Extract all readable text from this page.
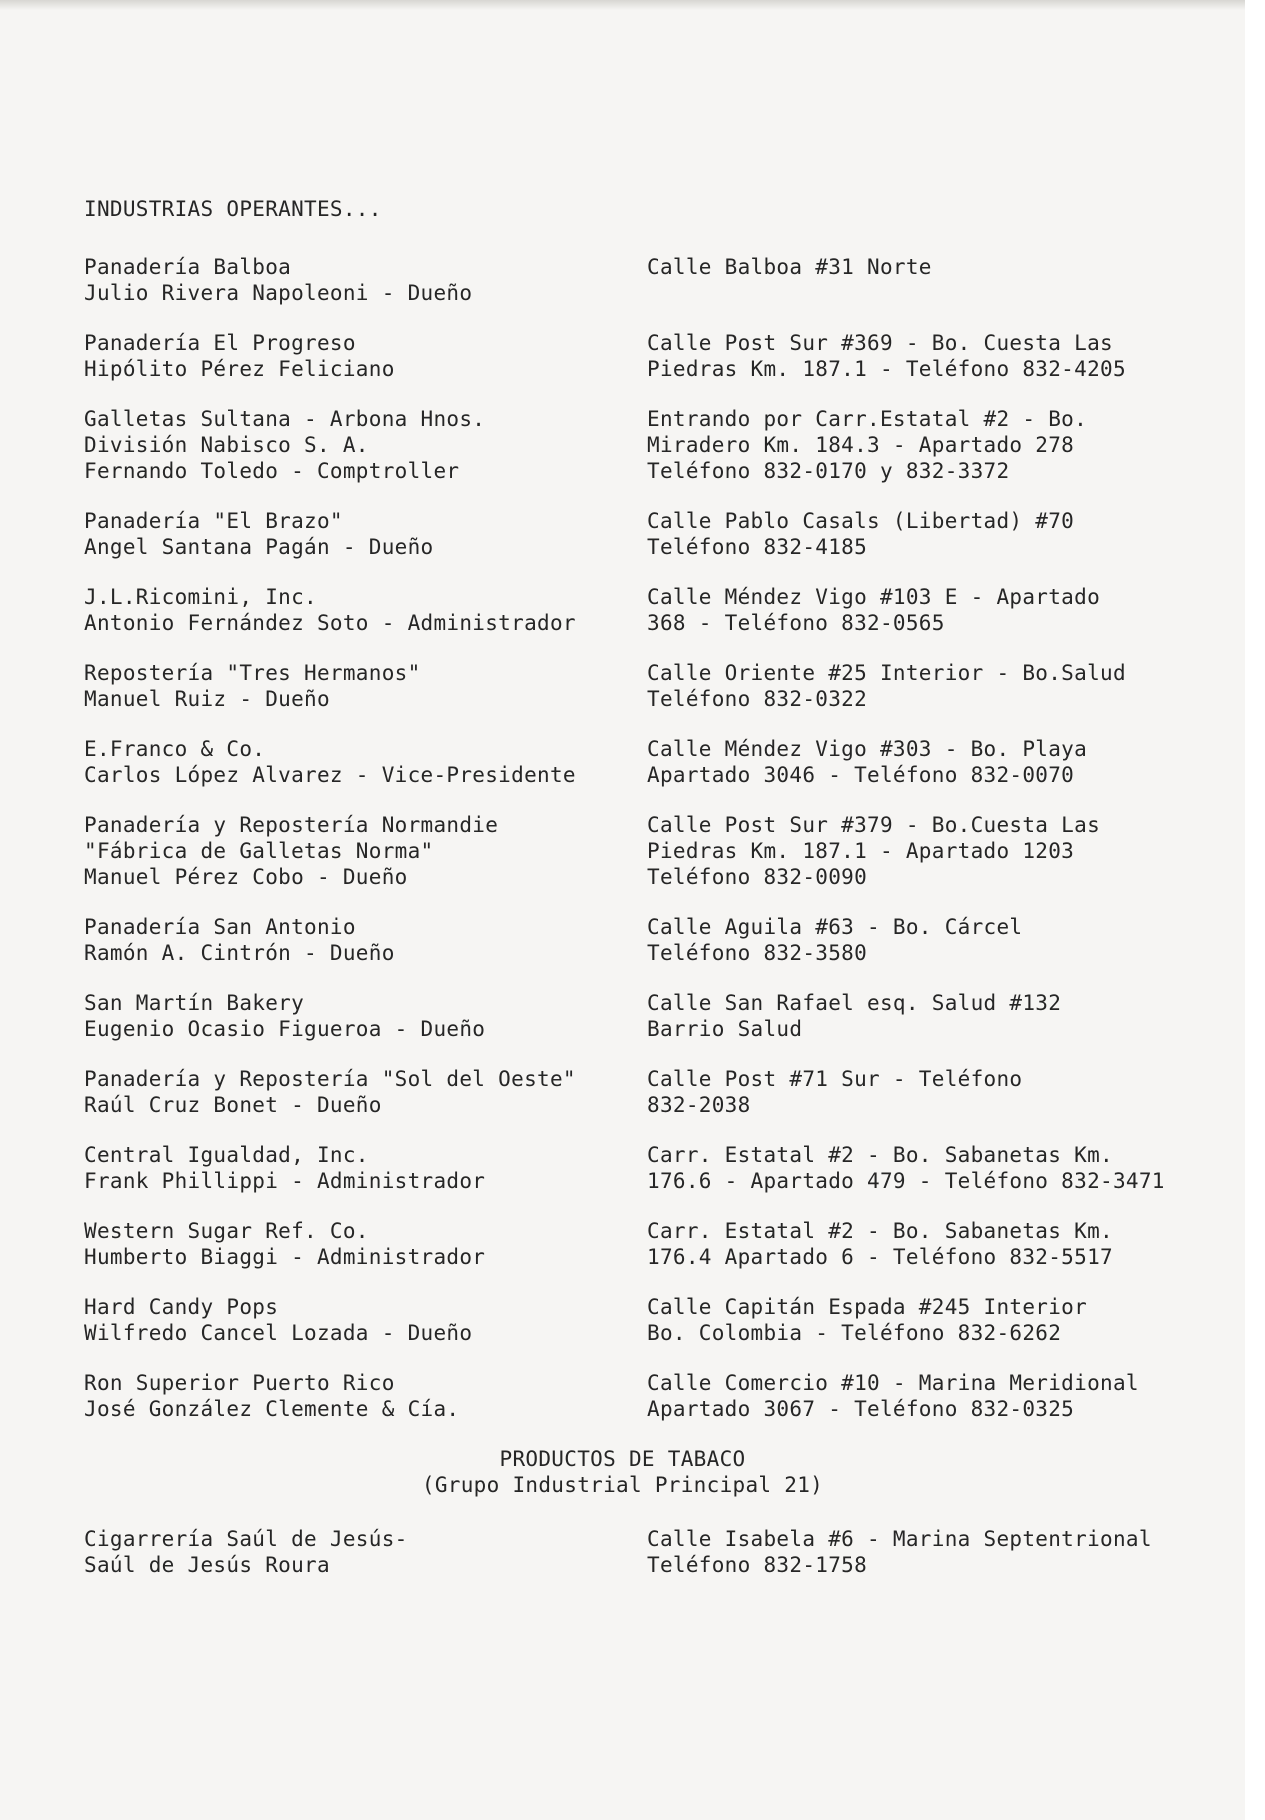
INDUSTRIAS OPERANTES...
Panadería Balboa
Julio Rivera Napoleoni - Dueño
Calle Balboa #31 Norte
Panadería El Progreso
Hipólito Pérez Feliciano
Calle Post Sur #369 - Bo. Cuesta Las
Piedras Km. 187.1 - Teléfono 832-4205
Galletas Sultana - Arbona Hnos.
División Nabisco S. A.
Fernando Toledo - Comptroller
Entrando por Carr.Estatal #2 - Bo.
Miradero Km. 184.3 - Apartado 278
Teléfono 832-0170 y 832-3372
Panadería "El Brazo"
Angel Santana Pagán - Dueño
Calle Pablo Casals (Libertad) #70
Teléfono 832-4185
J.L.Ricomini, Inc.
Antonio Fernández Soto - Administrador
Calle Méndez Vigo #103 E - Apartado
368 - Teléfono 832-0565
Repostería "Tres Hermanos"
Manuel Ruiz - Dueño
Calle Oriente #25 Interior - Bo.Salud
Teléfono 832-0322
E.Franco & Co.
Carlos López Alvarez - Vice-Presidente
Calle Méndez Vigo #303 - Bo. Playa
Apartado 3046 - Teléfono 832-0070
Panadería y Repostería Normandie
"Fábrica de Galletas Norma"
Manuel Pérez Cobo - Dueño
Calle Post Sur #379 - Bo.Cuesta Las
Piedras Km. 187.1 - Apartado 1203
Teléfono 832-0090
Panadería San Antonio
Ramón A. Cintrón - Dueño
Calle Aguila #63 - Bo. Cárcel
Teléfono 832-3580
San Martín Bakery
Eugenio Ocasio Figueroa - Dueño
Calle San Rafael esq. Salud #132
Barrio Salud
Panadería y Repostería "Sol del Oeste"
Raúl Cruz Bonet - Dueño
Calle Post #71 Sur - Teléfono
832-2038
Central Igualdad, Inc.
Frank Phillippi - Administrador
Carr. Estatal #2 - Bo. Sabanetas Km.
176.6 - Apartado 479 - Teléfono 832-3471
Western Sugar Ref. Co.
Humberto Biaggi - Administrador
Carr. Estatal #2 - Bo. Sabanetas Km.
176.4 Apartado 6 - Teléfono 832-5517
Hard Candy Pops
Wilfredo Cancel Lozada - Dueño
Calle Capitán Espada #245 Interior
Bo. Colombia - Teléfono 832-6262
Ron Superior Puerto Rico
José González Clemente & Cía.
Calle Comercio #10 - Marina Meridional
Apartado 3067 - Teléfono 832-0325
PRODUCTOS DE TABACO
(Grupo Industrial Principal 21)
Cigarrería Saúl de Jesús-
Saúl de Jesús Roura
Calle Isabela #6 - Marina Septentrional
Teléfono 832-1758
